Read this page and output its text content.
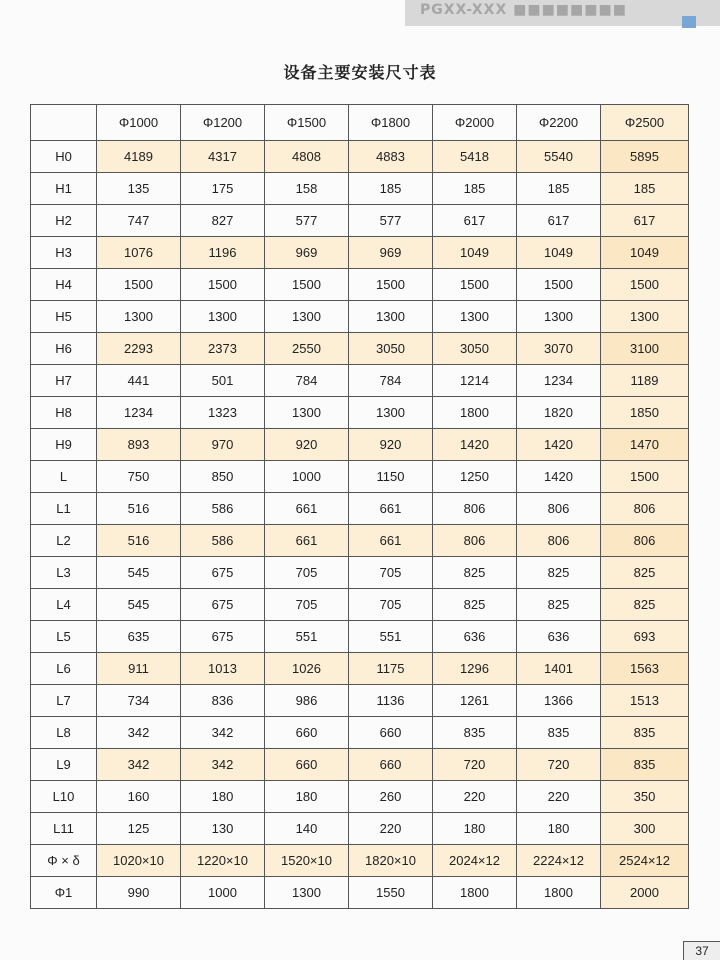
PGXX-XXX ■■■■■■■■
设备主要安装尺寸表
	Φ1000	Φ1200	Φ1500	Φ1800	Φ2000	Φ2200	Φ2500
H0	4189	4317	4808	4883	5418	5540	5895
H1	135	175	158	185	185	185	185
H2	747	827	577	577	617	617	617
H3	1076	1196	969	969	1049	1049	1049
H4	1500	1500	1500	1500	1500	1500	1500
H5	1300	1300	1300	1300	1300	1300	1300
H6	2293	2373	2550	3050	3050	3070	3100
H7	441	501	784	784	1214	1234	1189
H8	1234	1323	1300	1300	1800	1820	1850
H9	893	970	920	920	1420	1420	1470
L	750	850	1000	1150	1250	1420	1500
L1	516	586	661	661	806	806	806
L2	516	586	661	661	806	806	806
L3	545	675	705	705	825	825	825
L4	545	675	705	705	825	825	825
L5	635	675	551	551	636	636	693
L6	911	1013	1026	1175	1296	1401	1563
L7	734	836	986	1136	1261	1366	1513
L8	342	342	660	660	835	835	835
L9	342	342	660	660	720	720	835
L10	160	180	180	260	220	220	350
L11	125	130	140	220	180	180	300
Φ × δ	1020×10	1220×10	1520×10	1820×10	2024×12	2224×12	2524×12
Φ1	990	1000	1300	1550	1800	1800	2000
37
